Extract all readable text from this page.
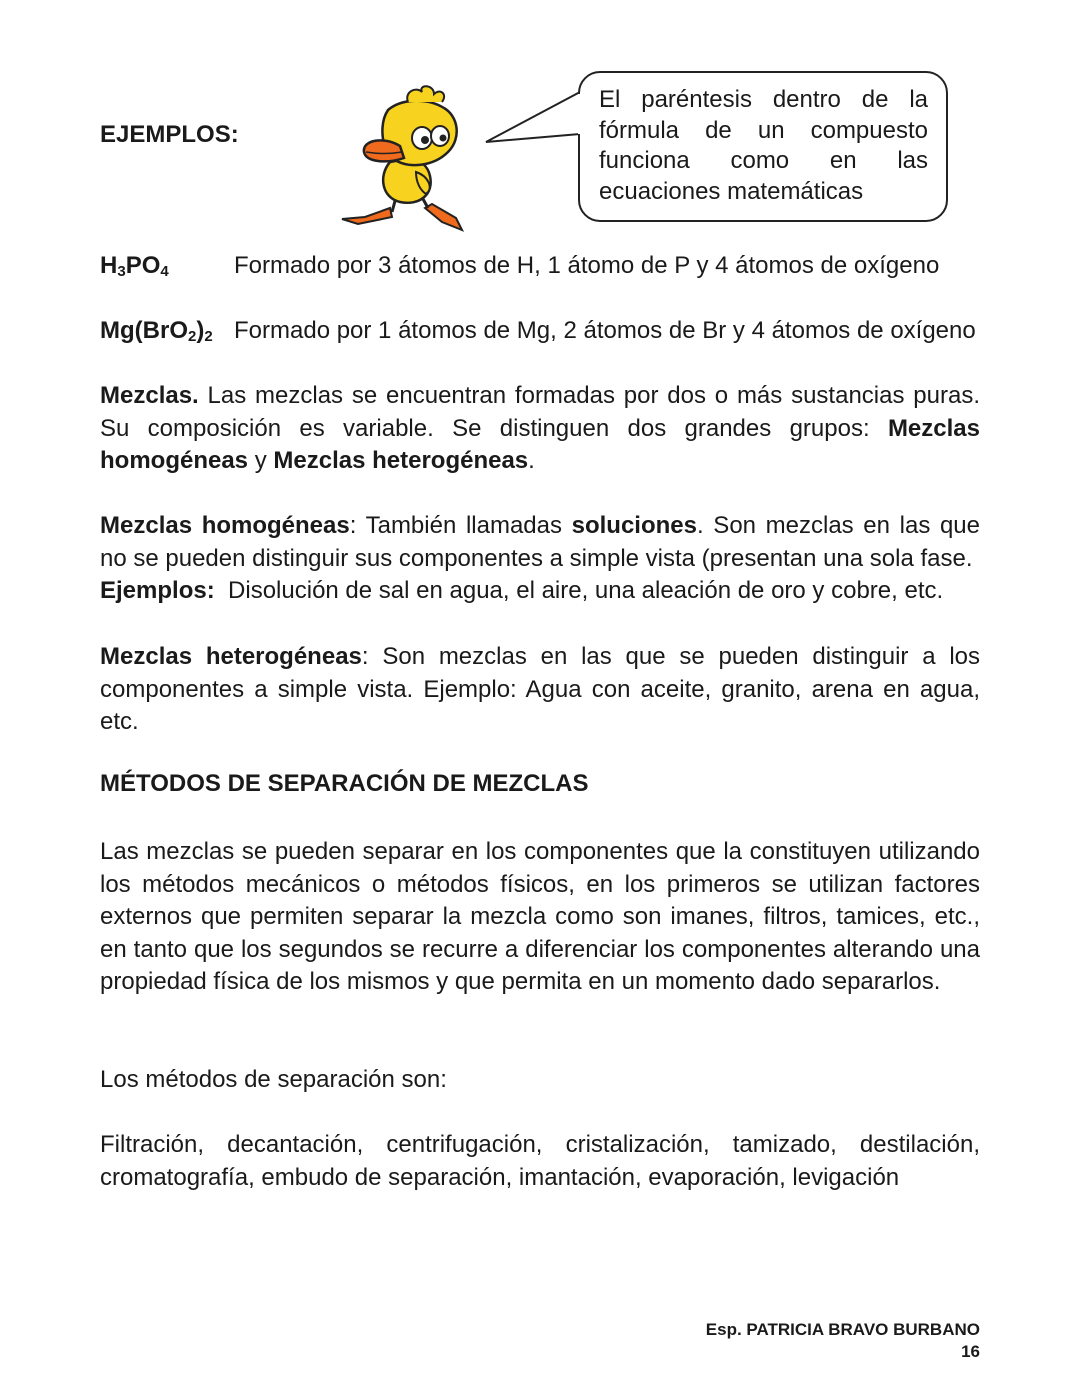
EJEMPLOS:
El paréntesis dentro de la fórmula de un compuesto funciona como en las ecuaciones matemáticas
$H_3PO_4$	Formado por 3 átomos de H, 1 átomo de P y 4 átomos de oxígeno
$Mg(BrO_2)_2$ Formado por 1 átomos de Mg, 2 átomos de Br y 4 átomos de oxígeno
Mezclas. Las mezclas se encuentran formadas por dos o más sustancias puras. Su composición es variable. Se distinguen dos grandes grupos: Mezclas homogéneas y Mezclas heterogéneas.
Mezclas homogéneas: También llamadas soluciones. Son mezclas en las que no se pueden distinguir sus componentes a simple vista (presentan una sola fase.
Ejemplos:  Disolución de sal en agua, el aire, una aleación de oro y cobre, etc.
Mezclas heterogéneas: Son mezclas en las que se pueden distinguir a los componentes a simple vista. Ejemplo: Agua con aceite, granito, arena en agua, etc.
MÉTODOS DE SEPARACIÓN DE MEZCLAS
Las mezclas se pueden separar en los componentes que la constituyen utilizando los métodos mecánicos o métodos físicos, en los primeros se utilizan factores externos que permiten separar la mezcla como son imanes, filtros, tamices, etc., en tanto que los segundos se recurre a diferenciar los componentes alterando una propiedad física de los mismos y que permita en un momento dado separarlos.
Los métodos de separación son:
Filtración, decantación, centrifugación, cristalización, tamizado, destilación, cromatografía, embudo de separación, imantación, evaporación, levigación
Esp. PATRICIA BRAVO BURBANO
16
